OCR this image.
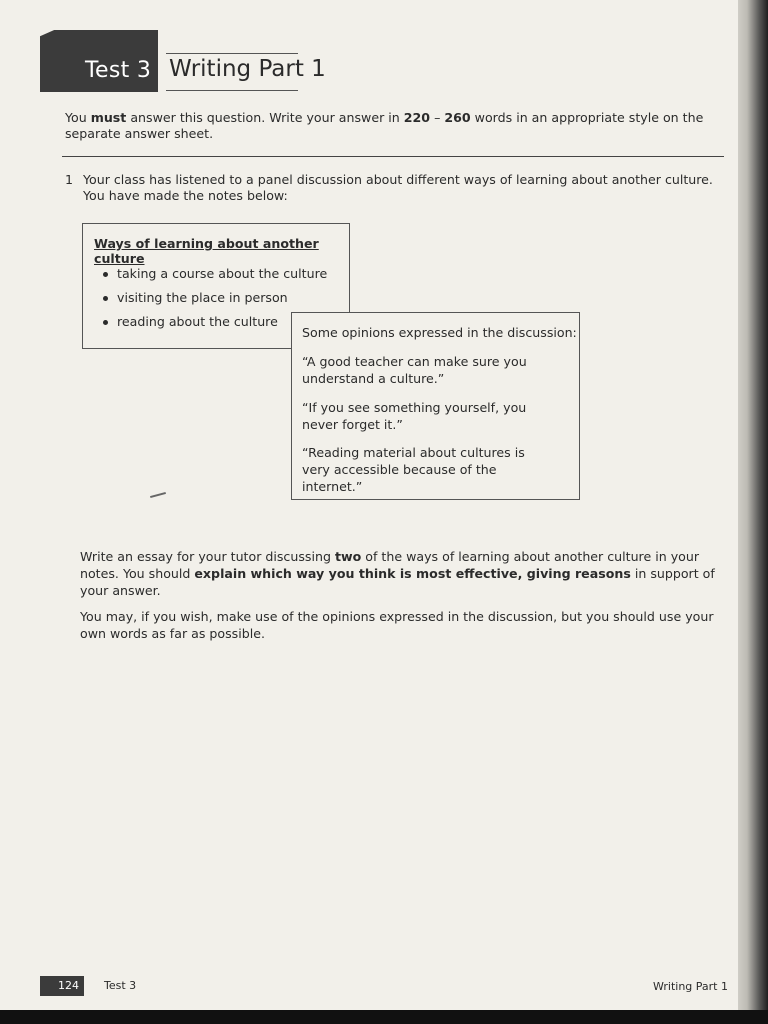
Test 3 Writing Part 1
You must answer this question. Write your answer in 220 – 260 words in an appropriate style on the separate answer sheet.
1 Your class has listened to a panel discussion about different ways of learning about another culture. You have made the notes below:
Ways of learning about another culture
taking a course about the culture
visiting the place in person
reading about the culture
Some opinions expressed in the discussion:
“A good teacher can make sure you understand a culture.”
“If you see something yourself, you never forget it.”
“Reading material about cultures is very accessible because of the internet.”
Write an essay for your tutor discussing two of the ways of learning about another culture in your notes. You should explain which way you think is most effective, giving reasons in support of your answer.
You may, if you wish, make use of the opinions expressed in the discussion, but you should use your own words as far as possible.
124 Test 3	Writing Part 1
